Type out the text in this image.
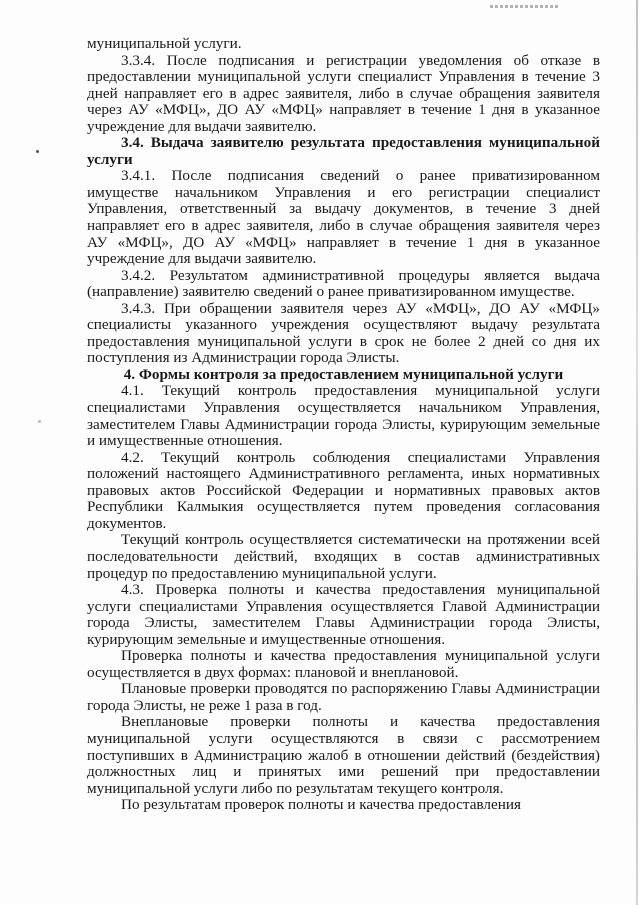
муниципальной услуги.

3.3.4. После подписания и регистрации уведомления об отказе в предоставлении муниципальной услуги специалист Управления в течение 3 дней направляет его в адрес заявителя, либо в случае обращения заявителя через АУ «МФЦ», ДО АУ «МФЦ» направляет в течение 1 дня в указанное учреждение для выдачи заявителю.

3.4. Выдача заявителю результата предоставления муниципальной услуги

3.4.1. После подписания сведений о ранее приватизированном имуществе начальником Управления и его регистрации специалист Управления, ответственный за выдачу документов, в течение 3 дней направляет его в адрес заявителя, либо в случае обращения заявителя через АУ «МФЦ», ДО АУ «МФЦ» направляет в течение 1 дня в указанное учреждение для выдачи заявителю.

3.4.2. Результатом административной процедуры является выдача (направление) заявителю сведений о ранее приватизированном имуществе.

3.4.3. При обращении заявителя через АУ «МФЦ», ДО АУ «МФЦ» специалисты указанного учреждения осуществляют выдачу результата предоставления муниципальной услуги в срок не более 2 дней со дня их поступления из Администрации города Элисты.

4. Формы контроля за предоставлением муниципальной услуги

4.1. Текущий контроль предоставления муниципальной услуги специалистами Управления осуществляется начальником Управления, заместителем Главы Администрации города Элисты, курирующим земельные и имущественные отношения.

4.2. Текущий контроль соблюдения специалистами Управления положений настоящего Административного регламента, иных нормативных правовых актов Российской Федерации и нормативных правовых актов Республики Калмыкия осуществляется путем проведения согласования документов.

Текущий контроль осуществляется систематически на протяжении всей последовательности действий, входящих в состав административных процедур по предоставлению муниципальной услуги.

4.3. Проверка полноты и качества предоставления муниципальной услуги специалистами Управления осуществляется Главой Администрации города Элисты, заместителем Главы Администрации города Элисты, курирующим земельные и имущественные отношения.

Проверка полноты и качества предоставления муниципальной услуги осуществляется в двух формах: плановой и внеплановой.

Плановые проверки проводятся по распоряжению Главы Администрации города Элисты, не реже 1 раза в год.

Внеплановые проверки полноты и качества предоставления муниципальной услуги осуществляются в связи с рассмотрением поступивших в Администрацию жалоб в отношении действий (бездействия) должностных лиц и принятых ими решений при предоставлении муниципальной услуги либо по результатам текущего контроля.

По результатам проверок полноты и качества предоставления
